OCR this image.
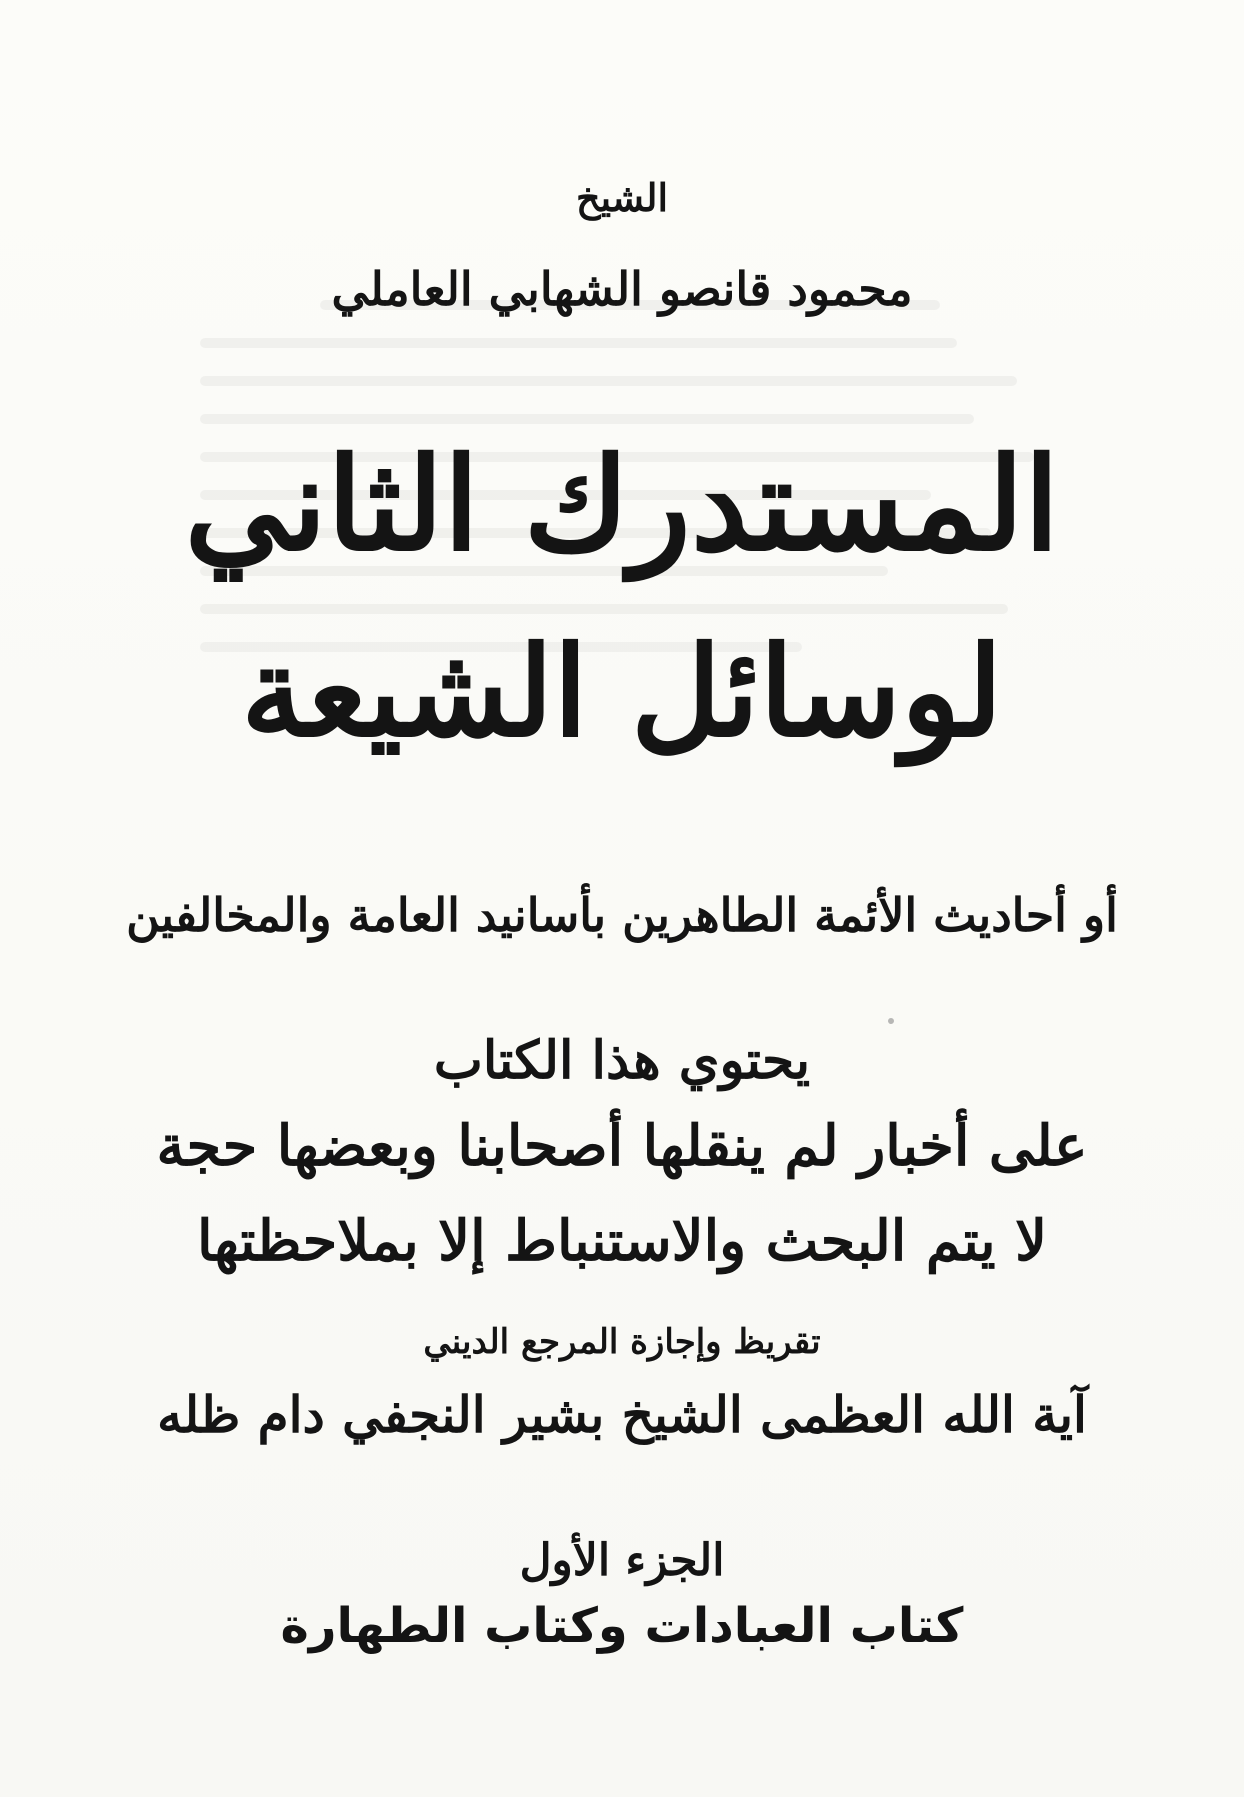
الشيخ
محمود قانصو الشهابي العاملي
المستدرك الثاني
لوسائل الشيعة
أو أحاديث الأئمة الطاهرين بأسانيد العامة والمخالفين
يحتوي هذا الكتاب
على أخبار لم ينقلها أصحابنا وبعضها حجة
لا يتم البحث والاستنباط إلا بملاحظتها
تقريظ وإجازة المرجع الديني
آية الله العظمى الشيخ بشير النجفي دام ظله
الجزء الأول
كتاب العبادات وكتاب الطهارة
